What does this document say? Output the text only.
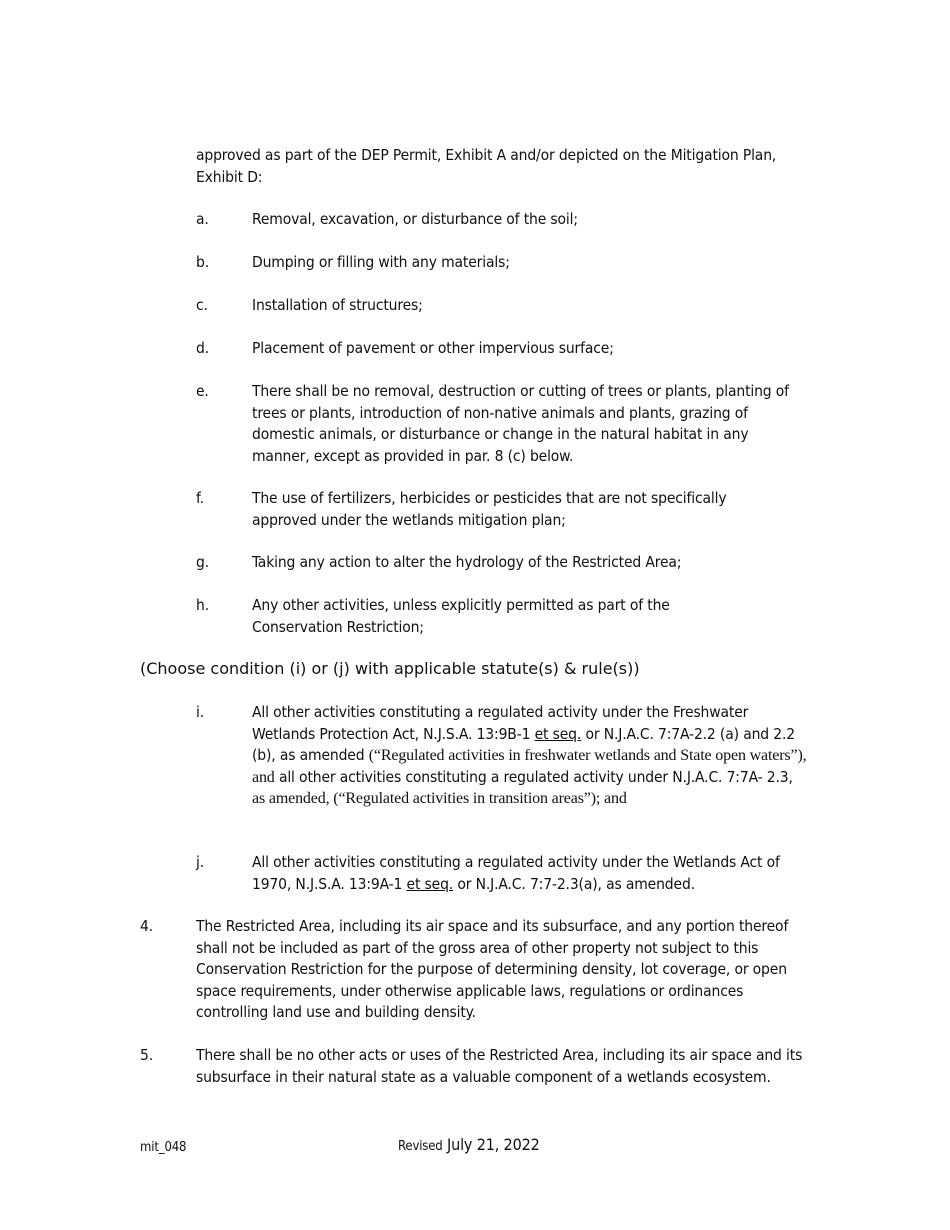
approved as part of the DEP Permit, Exhibit A and/or depicted on the Mitigation Plan, Exhibit D:
a.	Removal, excavation, or disturbance of the soil;
b.	Dumping or filling with any materials;
c.	Installation of structures;
d.	Placement of pavement or other impervious surface;
e.	There shall be no removal, destruction or cutting of trees or plants, planting of trees or plants, introduction of non-native animals and plants, grazing of domestic animals, or disturbance or change in the natural habitat in any manner, except as provided in par. 8 (c) below.
f.	The use of fertilizers, herbicides or pesticides that are not specifically approved under the wetlands mitigation plan;
g.	Taking any action to alter the hydrology of the Restricted Area;
h.	Any other activities, unless explicitly permitted as part of the Conservation Restriction;
(Choose condition (i) or (j) with applicable statute(s) & rule(s))
i.	All other activities constituting a regulated activity under the Freshwater Wetlands Protection Act, N.J.S.A. 13:9B-1 et seq. or N.J.A.C. 7:7A-2.2 (a) and 2.2 (b), as amended (“Regulated activities in freshwater wetlands and State open waters”), and all other activities constituting a regulated activity under N.J.A.C. 7:7A- 2.3, as amended, (“Regulated activities in transition areas”); and
j.	All other activities constituting a regulated activity under the Wetlands Act of 1970, N.J.S.A. 13:9A-1 et seq. or N.J.A.C. 7:7-2.3(a), as amended.
4.	The Restricted Area, including its air space and its subsurface, and any portion thereof shall not be included as part of the gross area of other property not subject to this Conservation Restriction for the purpose of determining density, lot coverage, or open space requirements, under otherwise applicable laws, regulations or ordinances controlling land use and building density.
5.	There shall be no other acts or uses of the Restricted Area, including its air space and its subsurface in their natural state as a valuable component of a wetlands ecosystem.
mit_048	Revised July 21, 2022
